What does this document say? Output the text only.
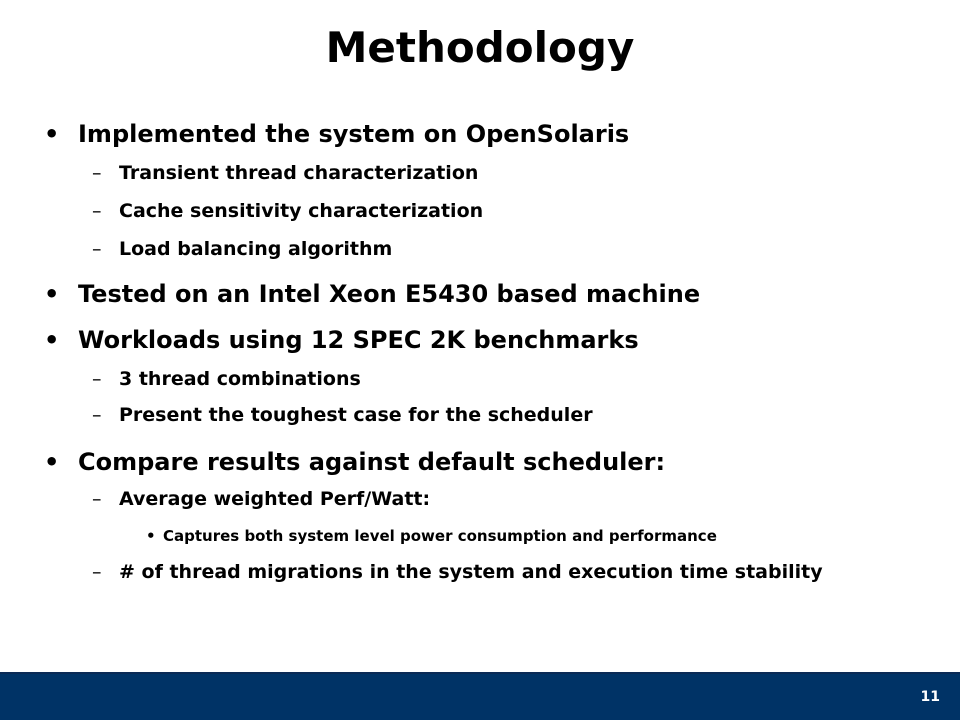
Methodology
• Implemented the system on OpenSolaris
– Transient thread characterization
– Cache sensitivity characterization
– Load balancing algorithm
• Tested on an Intel Xeon E5430 based machine
• Workloads using 12 SPEC 2K benchmarks
– 3 thread combinations
– Present the toughest case for the scheduler
• Compare results against default scheduler:
– Average weighted Perf/Watt:
• Captures both system level power consumption and performance
– # of thread migrations in the system and execution time stability
11
